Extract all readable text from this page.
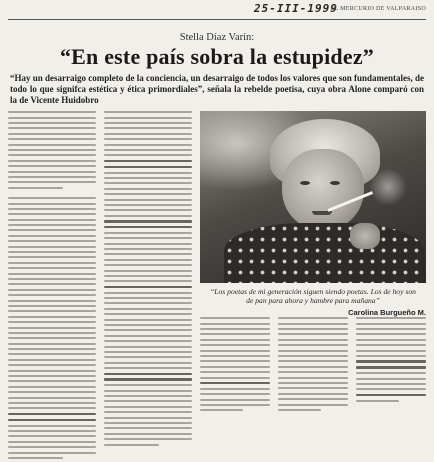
25-III-1999
EL MERCURIO DE VALPARAISO
Stella Díaz Varín:
“En este país sobra la estupidez”
“Hay un desarraigo completo de la conciencia, un desarraigo de todos los valores que son fundamentales, de todo lo que signifca estética y ética primordiales”, señala la rebelde poetisa, cuya obra Alone comparó con la de Vicente Huidobro
“Los poetas de mi generación siguen siendo poetas. Los de hoy son de pan para ahora y hambre para mañana”
Carolina Burgueño M.
